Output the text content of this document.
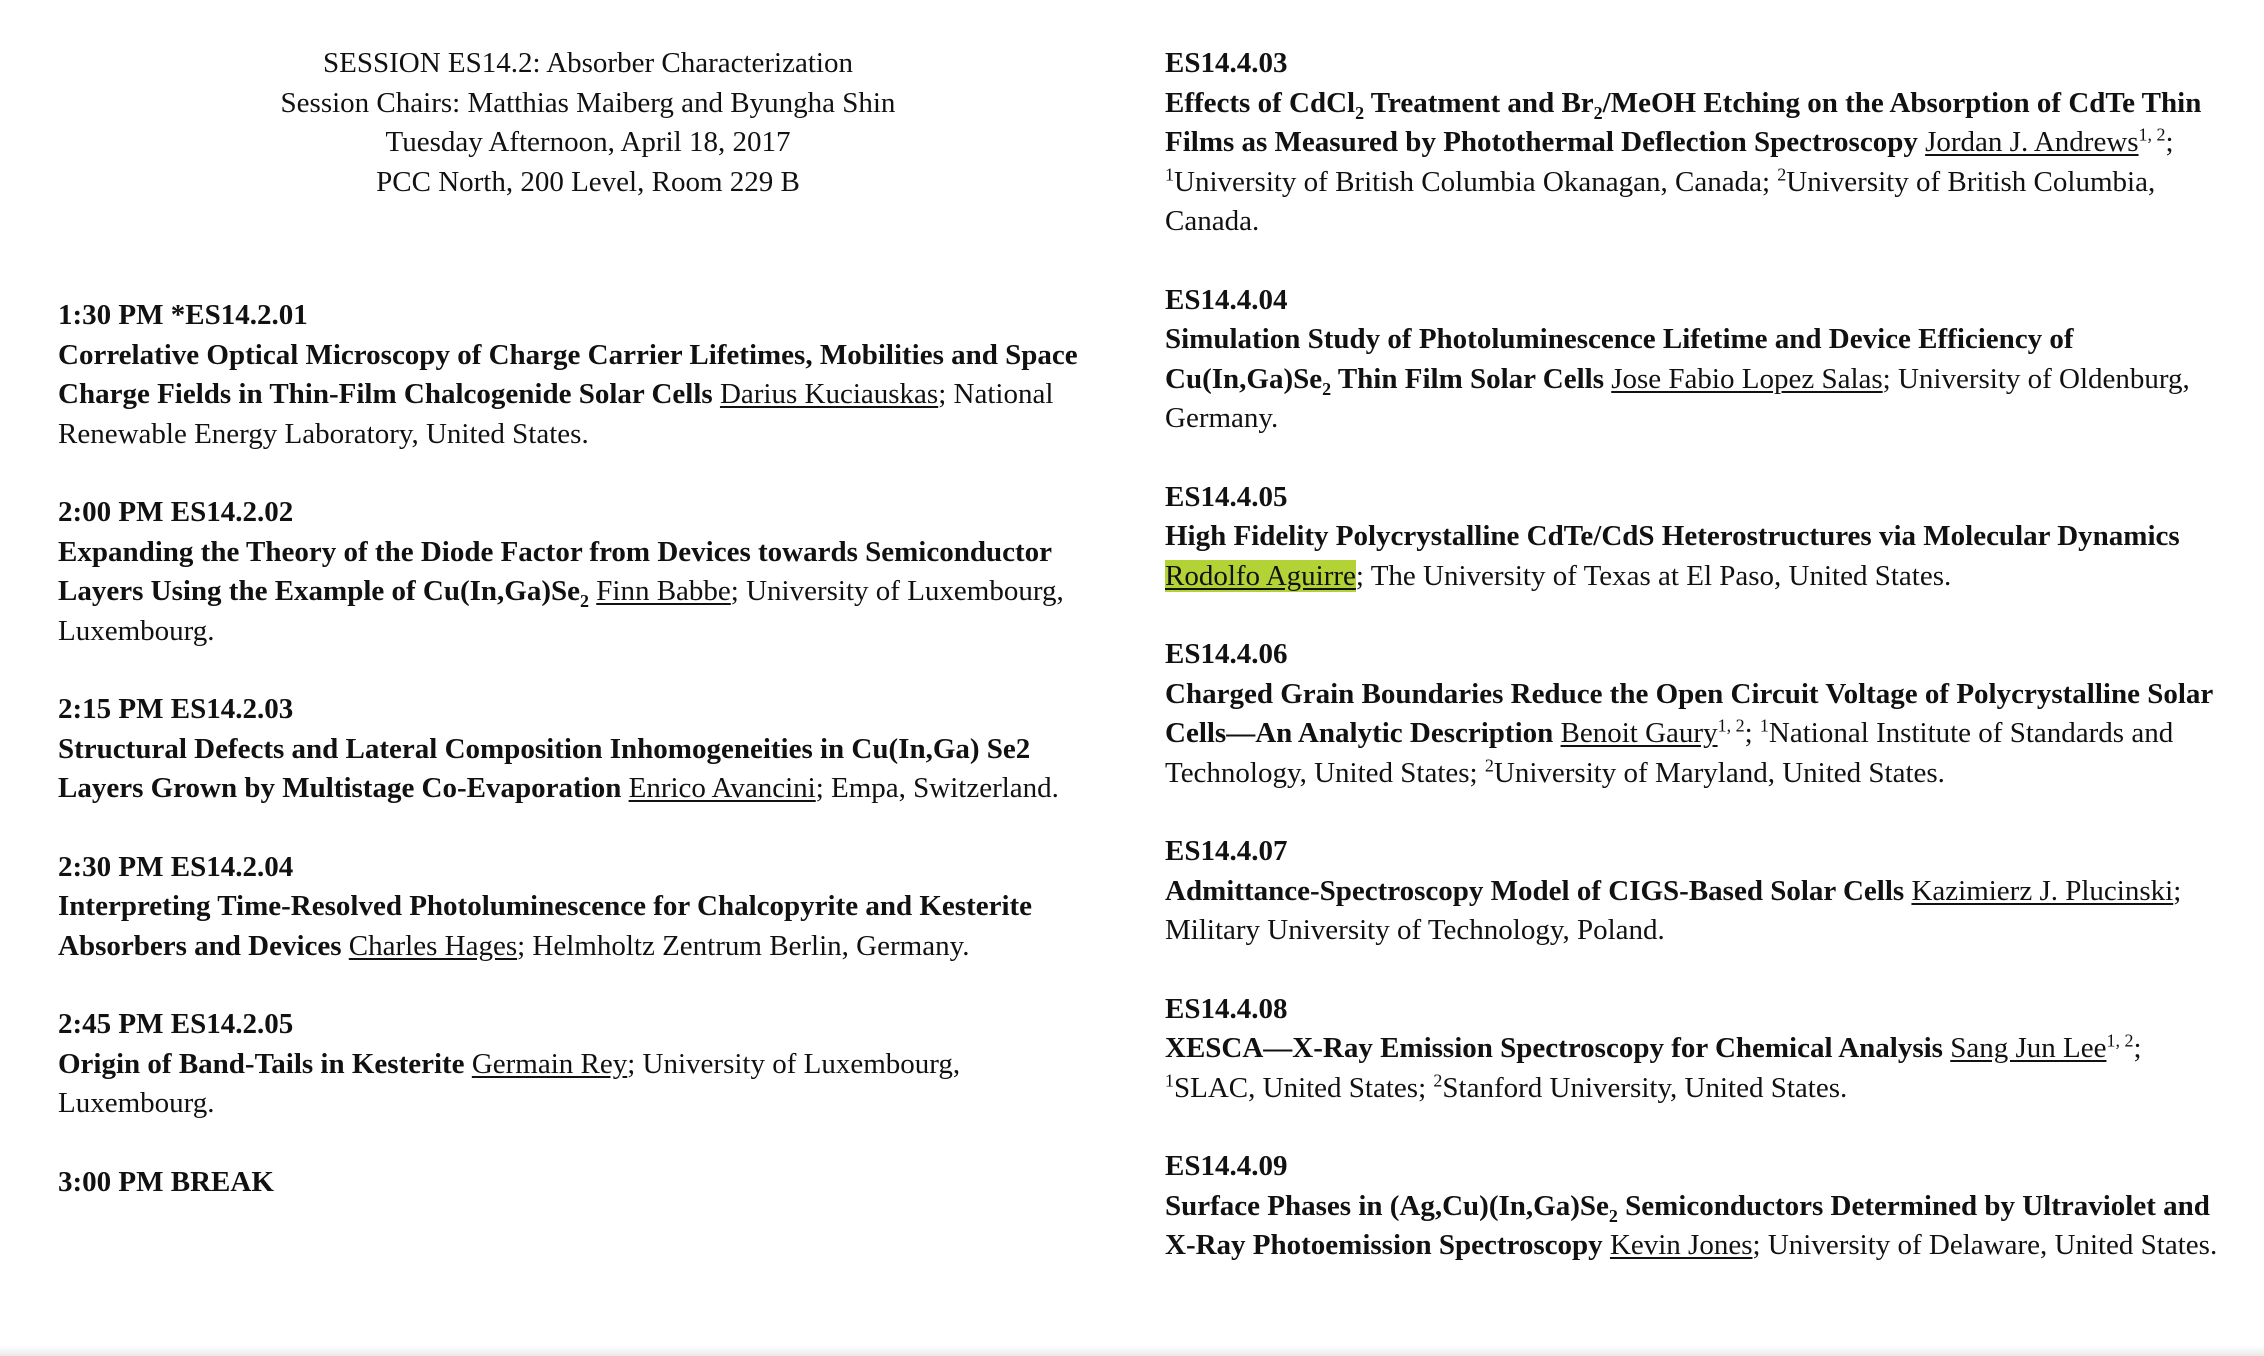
SESSION ES14.2: Absorber Characterization
Session Chairs: Matthias Maiberg and Byungha Shin
Tuesday Afternoon, April 18, 2017
PCC North, 200 Level, Room 229 B
1:30 PM *ES14.2.01
Correlative Optical Microscopy of Charge Carrier Lifetimes, Mobilities and Space Charge Fields in Thin-Film Chalcogenide Solar Cells Darius Kuciauskas; National Renewable Energy Laboratory, United States.
2:00 PM ES14.2.02
Expanding the Theory of the Diode Factor from Devices towards Semiconductor Layers Using the Example of $Cu(In,Ga)Se_2$ Finn Babbe; University of Luxembourg, Luxembourg.
2:15 PM ES14.2.03
Structural Defects and Lateral Composition Inhomogeneities in Cu(In,Ga) Se2 Layers Grown by Multistage Co-Evaporation Enrico Avancini; Empa, Switzerland.
2:30 PM ES14.2.04
Interpreting Time-Resolved Photoluminescence for Chalcopyrite and Kesterite Absorbers and Devices Charles Hages; Helmholtz Zentrum Berlin, Germany.
2:45 PM ES14.2.05
Origin of Band-Tails in Kesterite Germain Rey; University of Luxembourg, Luxembourg.
3:00 PM BREAK
ES14.4.03
Effects of CdCl$_2$ Treatment and $Br_2$/MeOH Etching on the Absorption of CdTe Thin Films as Measured by Photothermal Deflection Spectroscopy Jordan J. Andrews$^{1, 2}$; $^1$University of British Columbia Okanagan, Canada; $^2$University of British Columbia, Canada.
ES14.4.04
Simulation Study of Photoluminescence Lifetime and Device Efficiency of $Cu(In,Ga)Se_2$ Thin Film Solar Cells Jose Fabio Lopez Salas; University of Oldenburg, Germany.
ES14.4.05
High Fidelity Polycrystalline CdTe/CdS Heterostructures via Molecular Dynamics Rodolfo Aguirre; The University of Texas at El Paso, United States.
ES14.4.06
Charged Grain Boundaries Reduce the Open Circuit Voltage of Polycrystalline Solar Cells—An Analytic Description Benoit Gaury$^{1, 2}$; $^1$National Institute of Standards and Technology, United States; $^2$University of Maryland, United States.
ES14.4.07
Admittance-Spectroscopy Model of CIGS-Based Solar Cells Kazimierz J. Plucinski; Military University of Technology, Poland.
ES14.4.08
XESCA—X-Ray Emission Spectroscopy for Chemical Analysis Sang Jun Lee$^{1, 2}$; $^1$SLAC, United States; $^2$Stanford University, United States.
ES14.4.09
Surface Phases in $(Ag,Cu)(In,Ga)Se_2$ Semiconductors Determined by Ultraviolet and X-Ray Photoemission Spectroscopy Kevin Jones; University of Delaware, United States.
